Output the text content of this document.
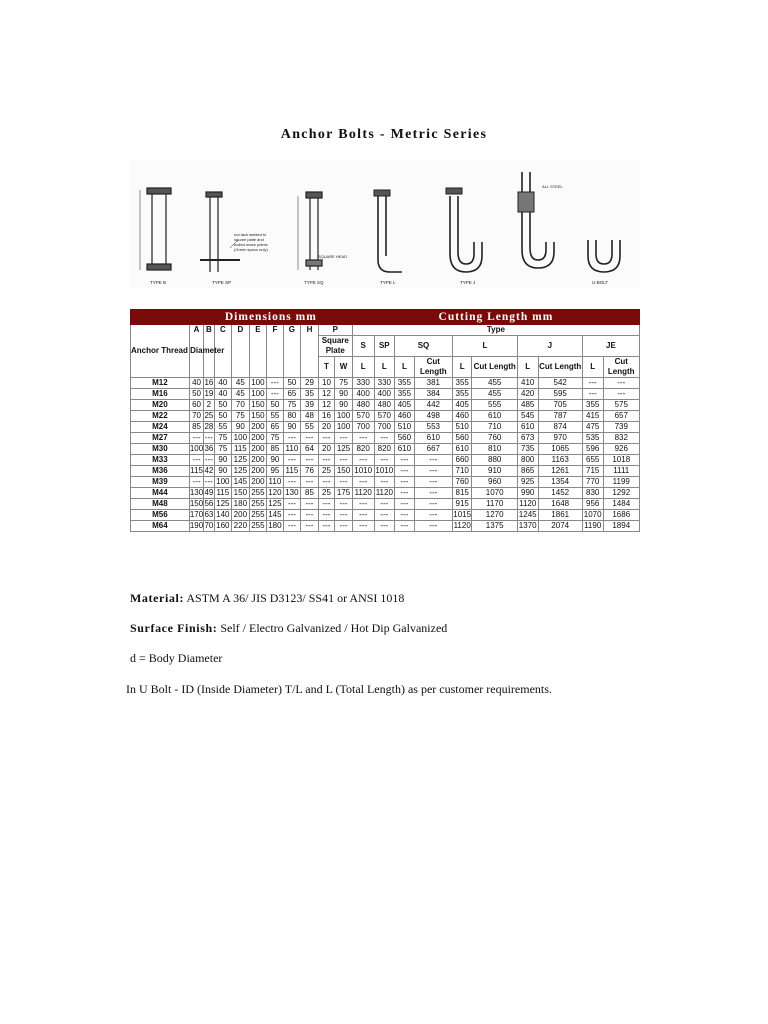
Anchor Bolts - Metric Series
TYPE B	TYPE SP	TYPE SQ	TYPE L	TYPE J	U-BOLT
SQUARE HEAD
nut tack welded to
square plate and
bolted mace points
(Green specs only)
ALL STEEL
	Dimensions mm										Cutting Length mm									
Anchor Thread Diameter	A	B	C	D	E	F	G	H	P		Type									
									Square Plate		S	SP	SQ		L		J		JE	
									T	W	L	L	L	Cut Length	L	Cut Length	L	Cut Length	L	Cut Length
M12	40	16	40	45	100	---	50	29	10	75	330	330	355	381	355	455	410	542	---	---
M16	50	19	40	45	100	---	65	35	12	90	400	400	355	384	355	455	420	595	---	---
M20	60	2	50	70	150	50	75	39	12	90	480	480	405	442	405	555	485	705	355	575
M22	70	25	50	75	150	55	80	48	16	100	570	570	460	498	460	610	545	787	415	657
M24	85	28	55	90	200	65	90	55	20	100	700	700	510	553	510	710	610	874	475	739
M27	---	---	75	100	200	75	---	---	---	---	---	---	560	610	560	760	673	970	535	832
M30	100	36	75	115	200	85	110	64	20	125	820	820	610	667	610	810	735	1065	596	926
M33	---	---	90	125	200	90	---	---	---	---	---	---	---	---	660	880	800	1163	655	1018
M36	115	42	90	125	200	95	115	76	25	150	1010	1010	---	---	710	910	865	1261	715	1111
M39	---	---	100	145	200	110	---	---	---	---	---	---	---	---	760	960	925	1354	770	1199
M44	130	49	115	150	255	120	130	85	25	175	1120	1120	---	---	815	1070	990	1452	830	1292
M48	150	56	125	180	255	125	---	---	---	---	---	---	---	---	915	1170	1120	1648	956	1484
M56	170	63	140	200	255	145	---	---	---	---	---	---	---	---	1015	1270	1245	1861	1070	1686
M64	190	70	160	220	255	180	---	---	---	---	---	---	---	---	1120	1375	1370	2074	1190	1894
Material: ASTM A 36/ JIS D3123/ SS41 or ANSI 1018
Surface Finish: Self / Electro Galvanized / Hot Dip Galvanized
d = Body Diameter
In U Bolt - ID (Inside Diameter) T/L and L (Total Length) as per customer requirements.
